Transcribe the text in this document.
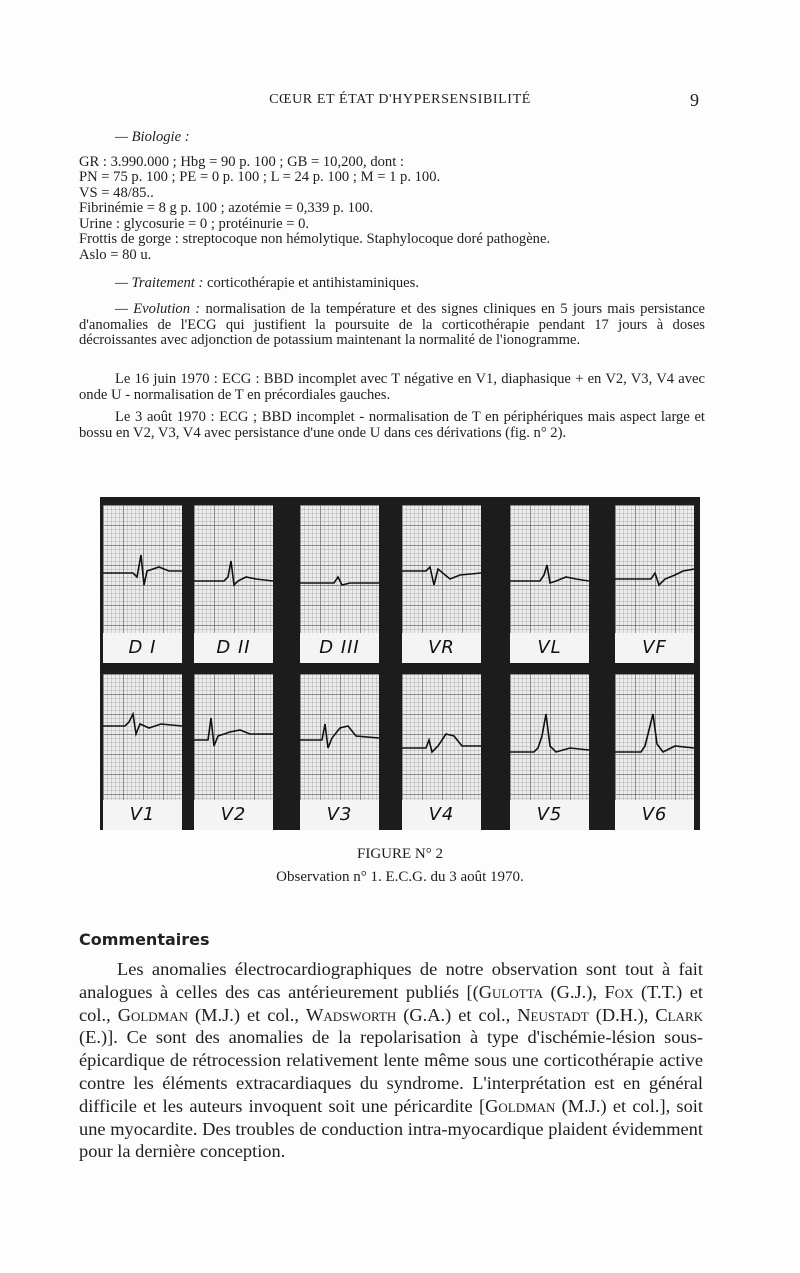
CŒUR ET ÉTAT D'HYPERSENSIBILITÉ	9

— Biologie :

GR : 3.990.000 ; Hbg = 90 p. 100 ; GB = 10,200, dont :

PN = 75 p. 100 ; PE = 0 p. 100 ; L = 24 p. 100 ; M = 1 p. 100.

VS = 48/85..

Fibrinémie = 8 g p. 100 ; azotémie = 0,339 p. 100.

Urine : glycosurie = 0 ; protéinurie = 0.

Frottis de gorge : streptocoque non hémolytique. Staphylocoque doré pathogène.

Aslo = 80 u.

— Traitement : corticothérapie et antihistaminiques.

— Evolution : normalisation de la température et des signes cliniques en 5 jours mais persistance d'anomalies de l'ECG qui justifient la poursuite de la corticothérapie pendant 17 jours à doses décroissantes avec adjonction de potassium maintenant la normalité de l'ionogramme.

Le 16 juin 1970 : ECG : BBD incomplet avec T négative en V1, diaphasique + en V2, V3, V4 avec onde U - normalisation de T en précordiales gauches.

Le 3 août 1970 : ECG ; BBD incomplet - normalisation de T en périphériques mais aspect large et bossu en V2, V3, V4 avec persistance d'une onde U dans ces dérivations (fig. n° 2).

D I	D II	D III	VR	VL	VF
V1	V2	V3	V4	V5	V6
FIGURE N° 2
Observation n° 1. E.C.G. du 3 août 1970.
Commentaires

Les anomalies électrocardiographiques de notre observation sont tout à fait analogues à celles des cas antérieurement publiés [(Gulotta (G.J.), Fox (T.T.) et col., Goldman (M.J.) et col., Wadsworth (G.A.) et col., Neustadt (D.H.), Clark (E.)]. Ce sont des anomalies de la repolarisation à type d'ischémie-lésion sous-épicardique de rétrocession relativement lente même sous une corticothérapie active contre les éléments extracardiaques du syndrome. L'interprétation est en général difficile et les auteurs invoquent soit une péricardite [Goldman (M.J.) et col.], soit une myocardite. Des troubles de conduction intra-myocardique plaident évidemment pour la dernière conception.
